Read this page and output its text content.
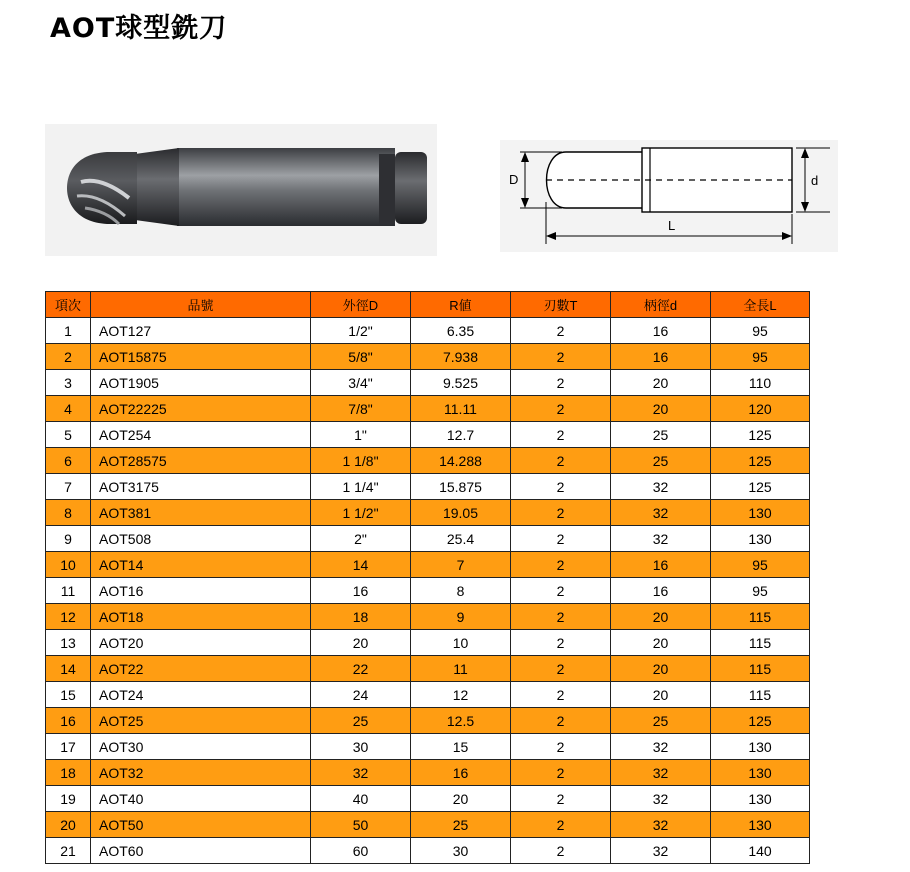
AOT球型銑刀
D	d
L
項次	品號	外徑D	R値	刃數T	柄徑d	全長L
1	AOT127	1/2"	6.35	2	16	95
2	AOT15875	5/8"	7.938	2	16	95
3	AOT1905	3/4"	9.525	2	20	110
4	AOT22225	7/8"	11.11	2	20	120
5	AOT254	1"	12.7	2	25	125
6	AOT28575	1 1/8"	14.288	2	25	125
7	AOT3175	1 1/4"	15.875	2	32	125
8	AOT381	1 1/2"	19.05	2	32	130
9	AOT508	2"	25.4	2	32	130
10	AOT14	14	7	2	16	95
11	AOT16	16	8	2	16	95
12	AOT18	18	9	2	20	115
13	AOT20	20	10	2	20	115
14	AOT22	22	11	2	20	115
15	AOT24	24	12	2	20	115
16	AOT25	25	12.5	2	25	125
17	AOT30	30	15	2	32	130
18	AOT32	32	16	2	32	130
19	AOT40	40	20	2	32	130
20	AOT50	50	25	2	32	130
21	AOT60	60	30	2	32	140
